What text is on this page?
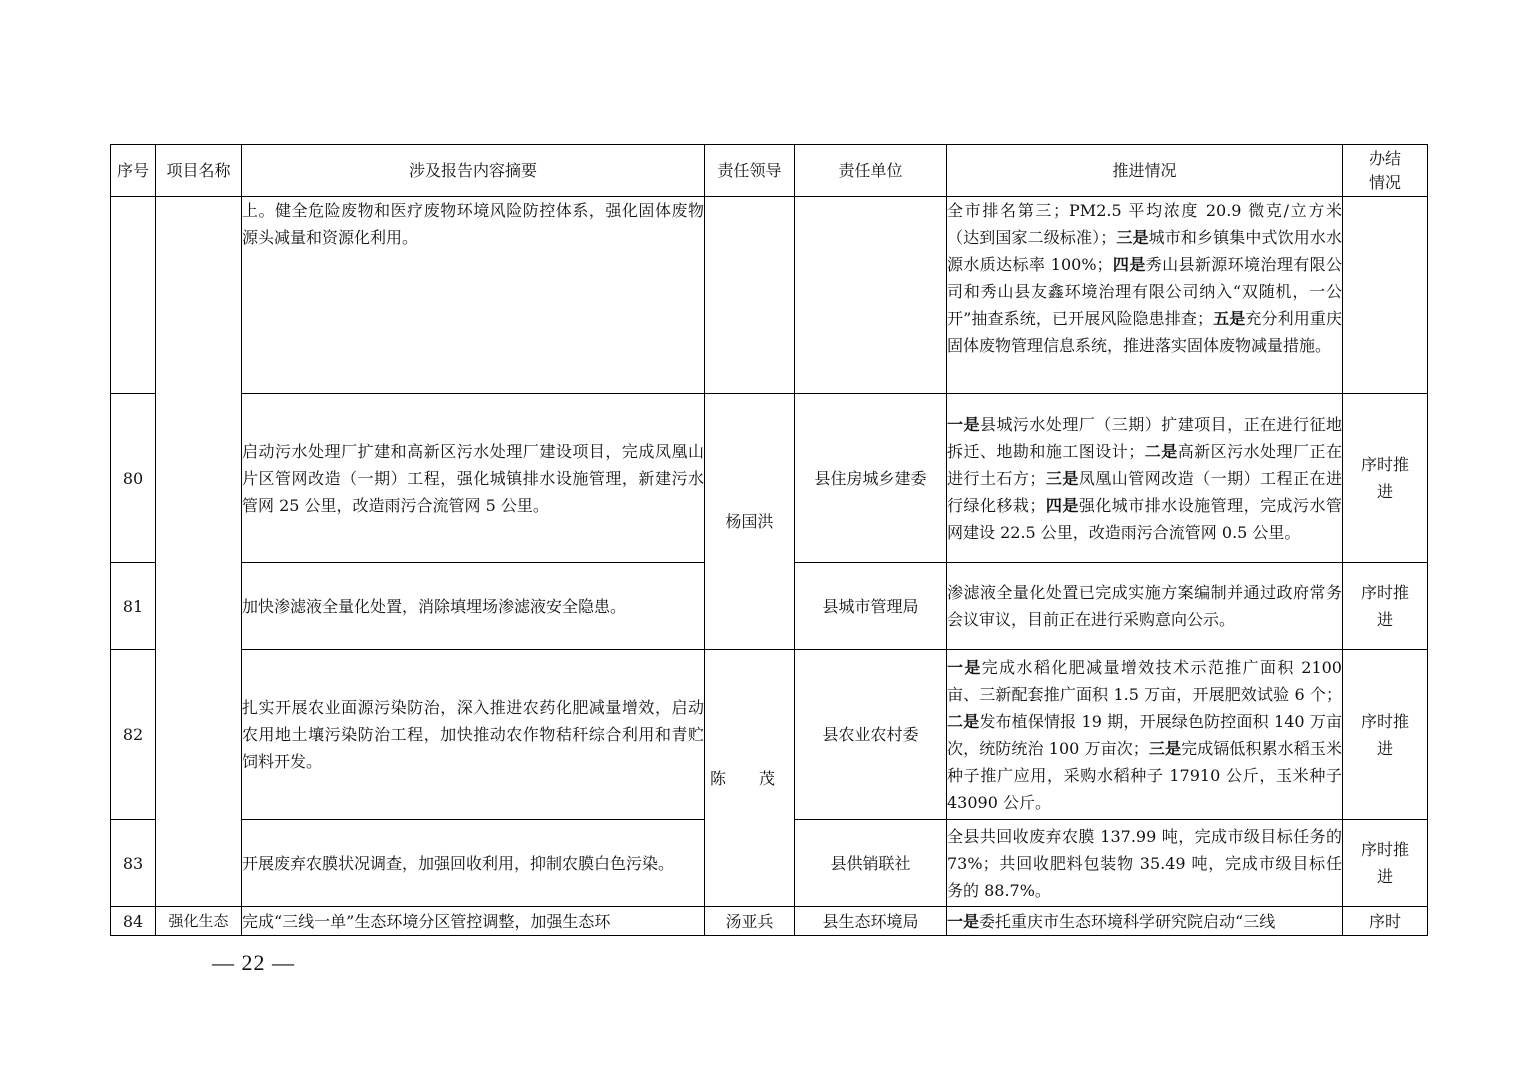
序号	项目名称	涉及报告内容摘要	责任领导	责任单位	推进情况	办结
情况
		上。健全危险废物和医疗废物环境风险防控体系，强化固体废物源头减量和资源化利用。			全市排名第三；PM2.5 平均浓度 20.9 微克/立方米（达到国家二级标准）；三是城市和乡镇集中式饮用水水源水质达标率 100%；四是秀山县新源环境治理有限公司和秀山县友鑫环境治理有限公司纳入“双随机，一公开”抽查系统，已开展风险隐患排查；五是充分利用重庆固体废物管理信息系统，推进落实固体废物减量措施。	
80		启动污水处理厂扩建和高新区污水处理厂建设项目，完成凤凰山片区管网改造（一期）工程，强化城镇排水设施管理，新建污水管网 25 公里，改造雨污合流管网 5 公里。	杨国洪	县住房城乡建委	一是县城污水处理厂（三期）扩建项目，正在进行征地拆迁、地勘和施工图设计；二是高新区污水处理厂正在进行土石方；三是凤凰山管网改造（一期）工程正在进行绿化移栽；四是强化城市排水设施管理，完成污水管网建设 22.5 公里，改造雨污合流管网 0.5 公里。	序时推进
81		加快渗滤液全量化处置，消除填埋场渗滤液安全隐患。		县城市管理局	渗滤液全量化处置已完成实施方案编制并通过政府常务会议审议，目前正在进行采购意向公示。	序时推进
82		扎实开展农业面源污染防治，深入推进农药化肥减量增效，启动农用地土壤污染防治工程，加快推动农作物秸秆综合利用和青贮饲料开发。	陈 茂	县农业农村委	一是完成水稻化肥减量增效技术示范推广面积 2100 亩、三新配套推广面积 1.5 万亩，开展肥效试验 6 个；二是发布植保情报 19 期，开展绿色防控面积 140 万亩次，统防统治 100 万亩次；三是完成镉低积累水稻玉米种子推广应用，采购水稻种子 17910 公斤，玉米种子 43090 公斤。	序时推进
83		开展废弃农膜状况调查，加强回收利用，抑制农膜白色污染。		县供销联社	全县共回收废弃农膜 137.99 吨，完成市级目标任务的 73%；共回收肥料包装物 35.49 吨，完成市级目标任务的 88.7%。	序时推进
84	强化生态	完成“三线一单”生态环境分区管控调整，加强生态环	汤亚兵	县生态环境局	一是委托重庆市生态环境科学研究院启动“三线	序时
— 22 —
